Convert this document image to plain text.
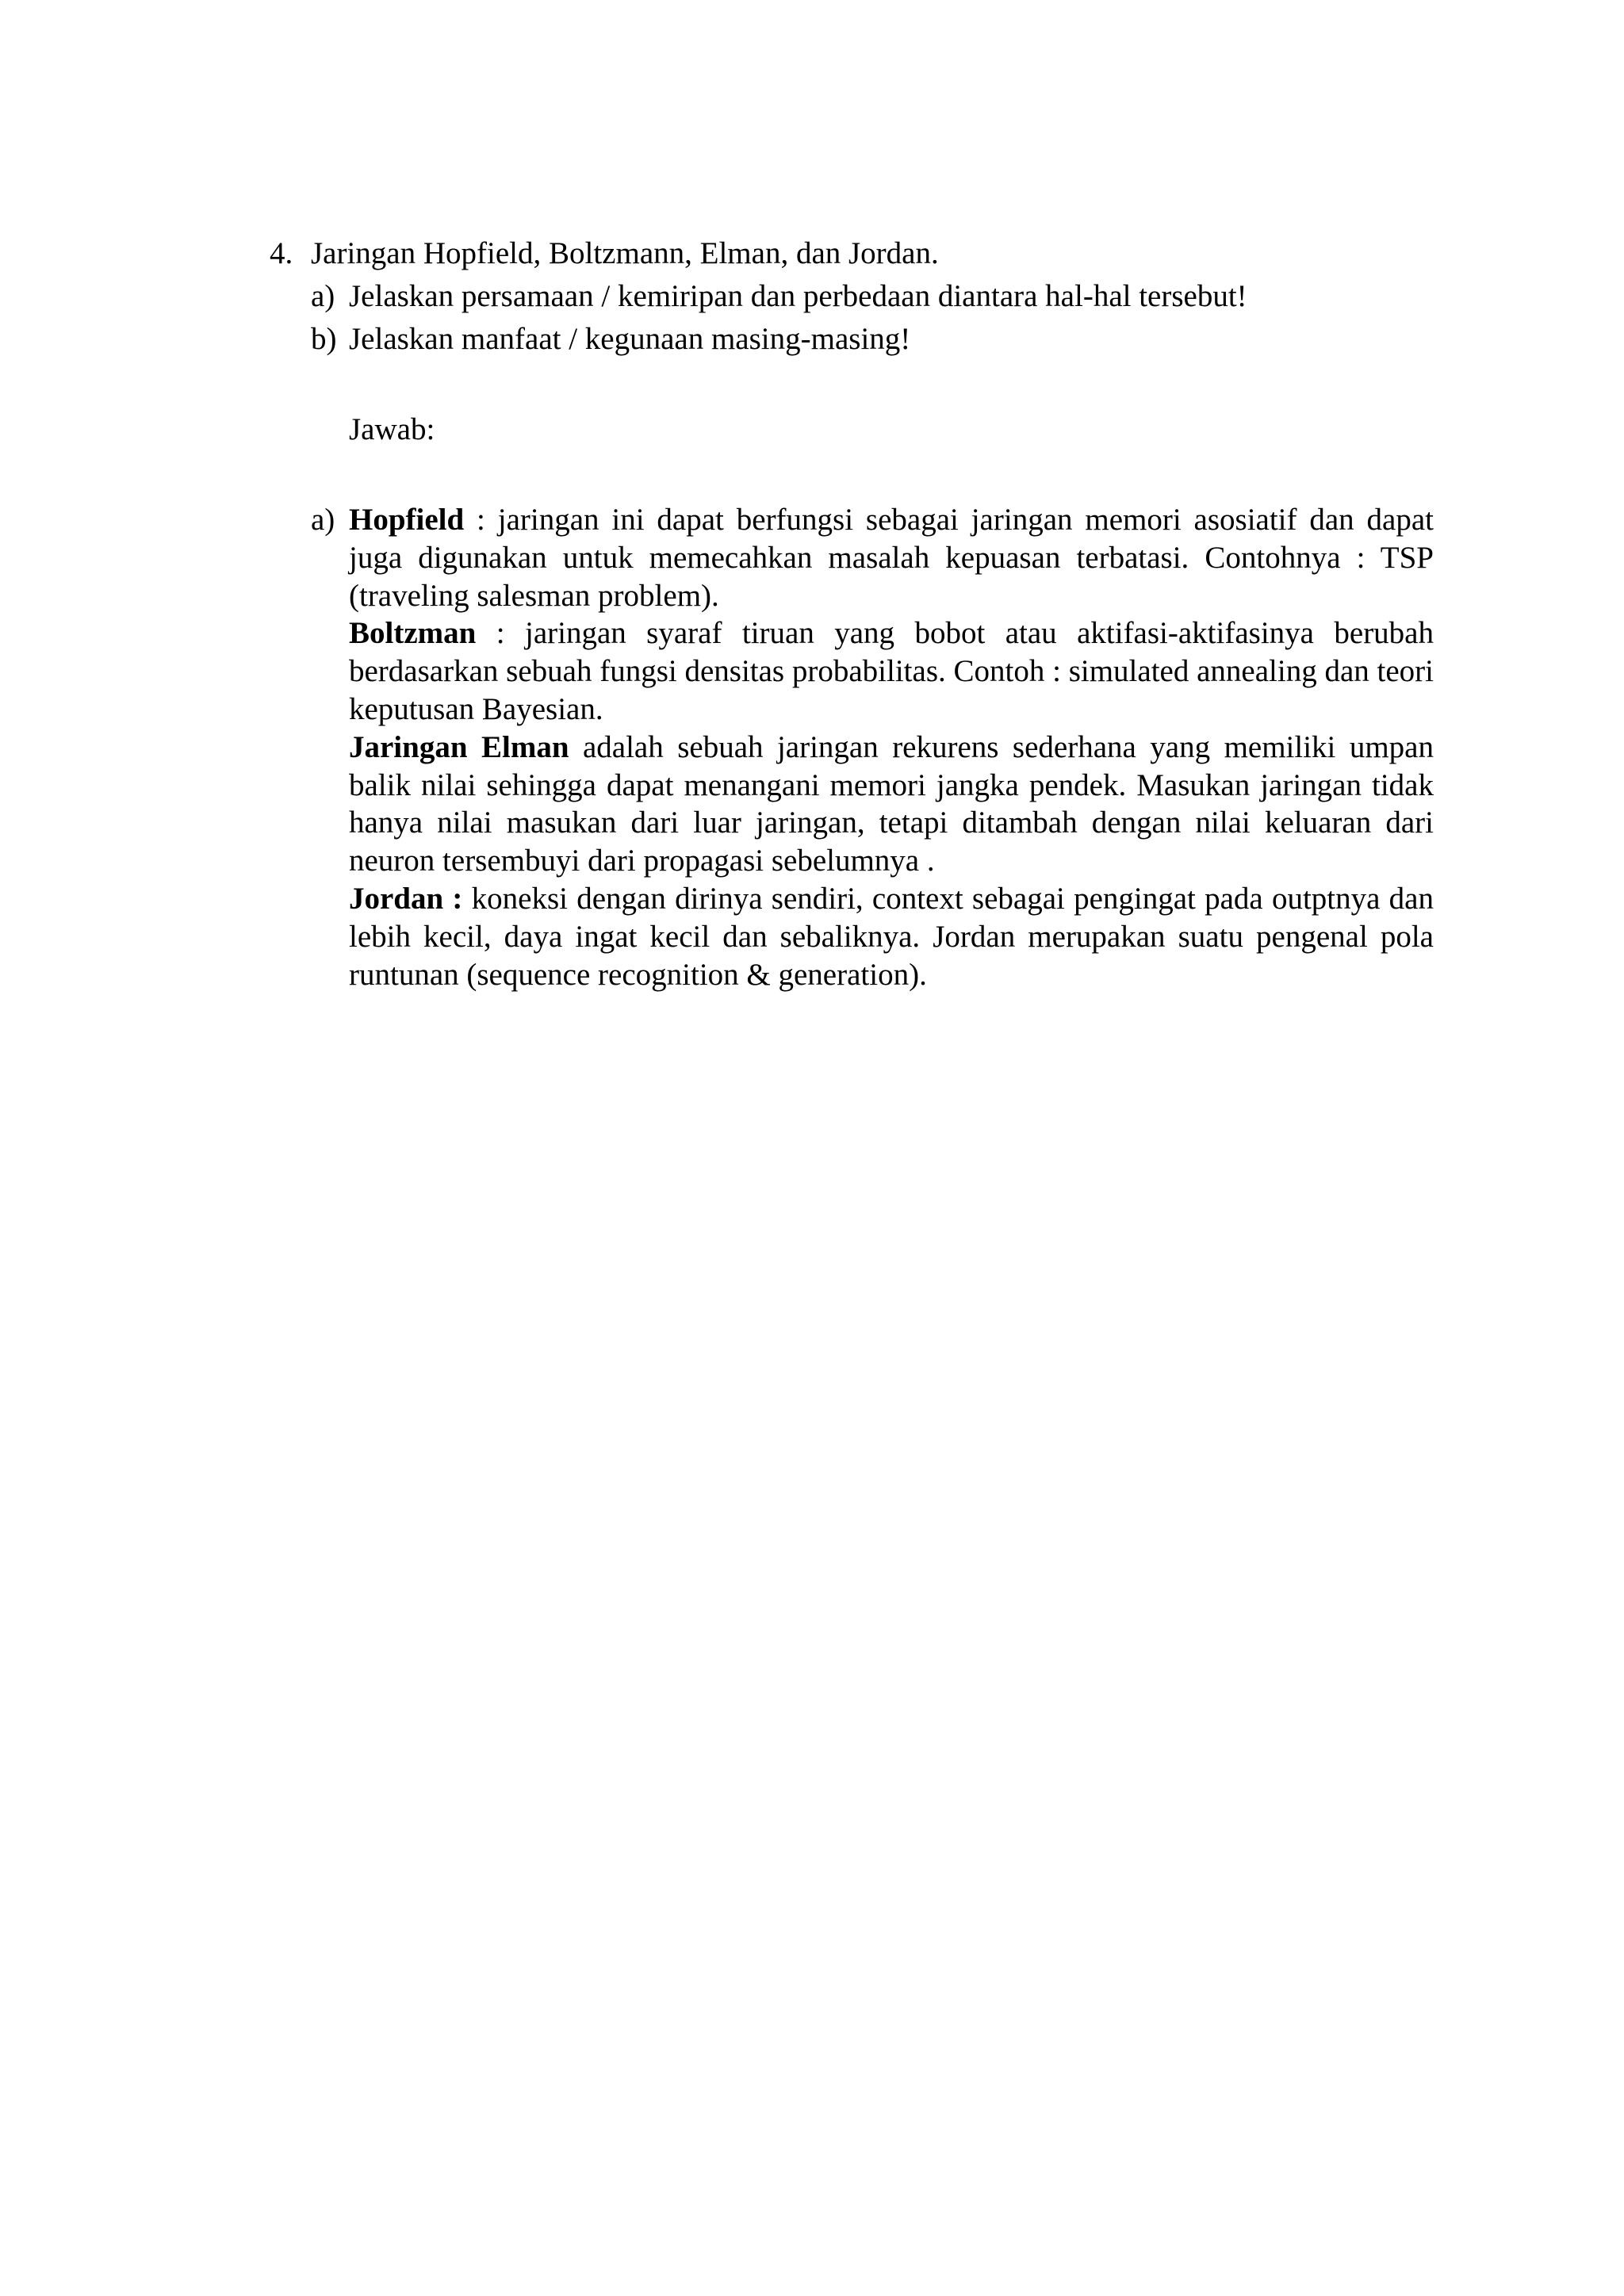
4. Jaringan Hopfield, Boltzmann, Elman, dan Jordan.
a) Jelaskan persamaan / kemiripan dan perbedaan diantara hal-hal tersebut!
b) Jelaskan manfaat / kegunaan masing-masing!
Jawab:
a) Hopfield : jaringan ini dapat berfungsi sebagai jaringan memori asosiatif dan dapat juga digunakan untuk memecahkan masalah kepuasan terbatasi. Contohnya : TSP (traveling salesman problem).

Boltzman : jaringan syaraf tiruan yang bobot atau aktifasi-aktifasinya berubah berdasarkan sebuah fungsi densitas probabilitas. Contoh : simulated annealing dan teori keputusan Bayesian.

Jaringan Elman adalah sebuah jaringan rekurens sederhana yang memiliki umpan balik nilai sehingga dapat menangani memori jangka pendek. Masukan jaringan tidak hanya nilai masukan dari luar jaringan, tetapi ditambah dengan nilai keluaran dari neuron tersembuyi dari propagasi sebelumnya .

Jordan : koneksi dengan dirinya sendiri, context sebagai pengingat pada outptnya dan lebih kecil, daya ingat kecil dan sebaliknya. Jordan merupakan suatu pengenal pola runtunan (sequence recognition & generation).
